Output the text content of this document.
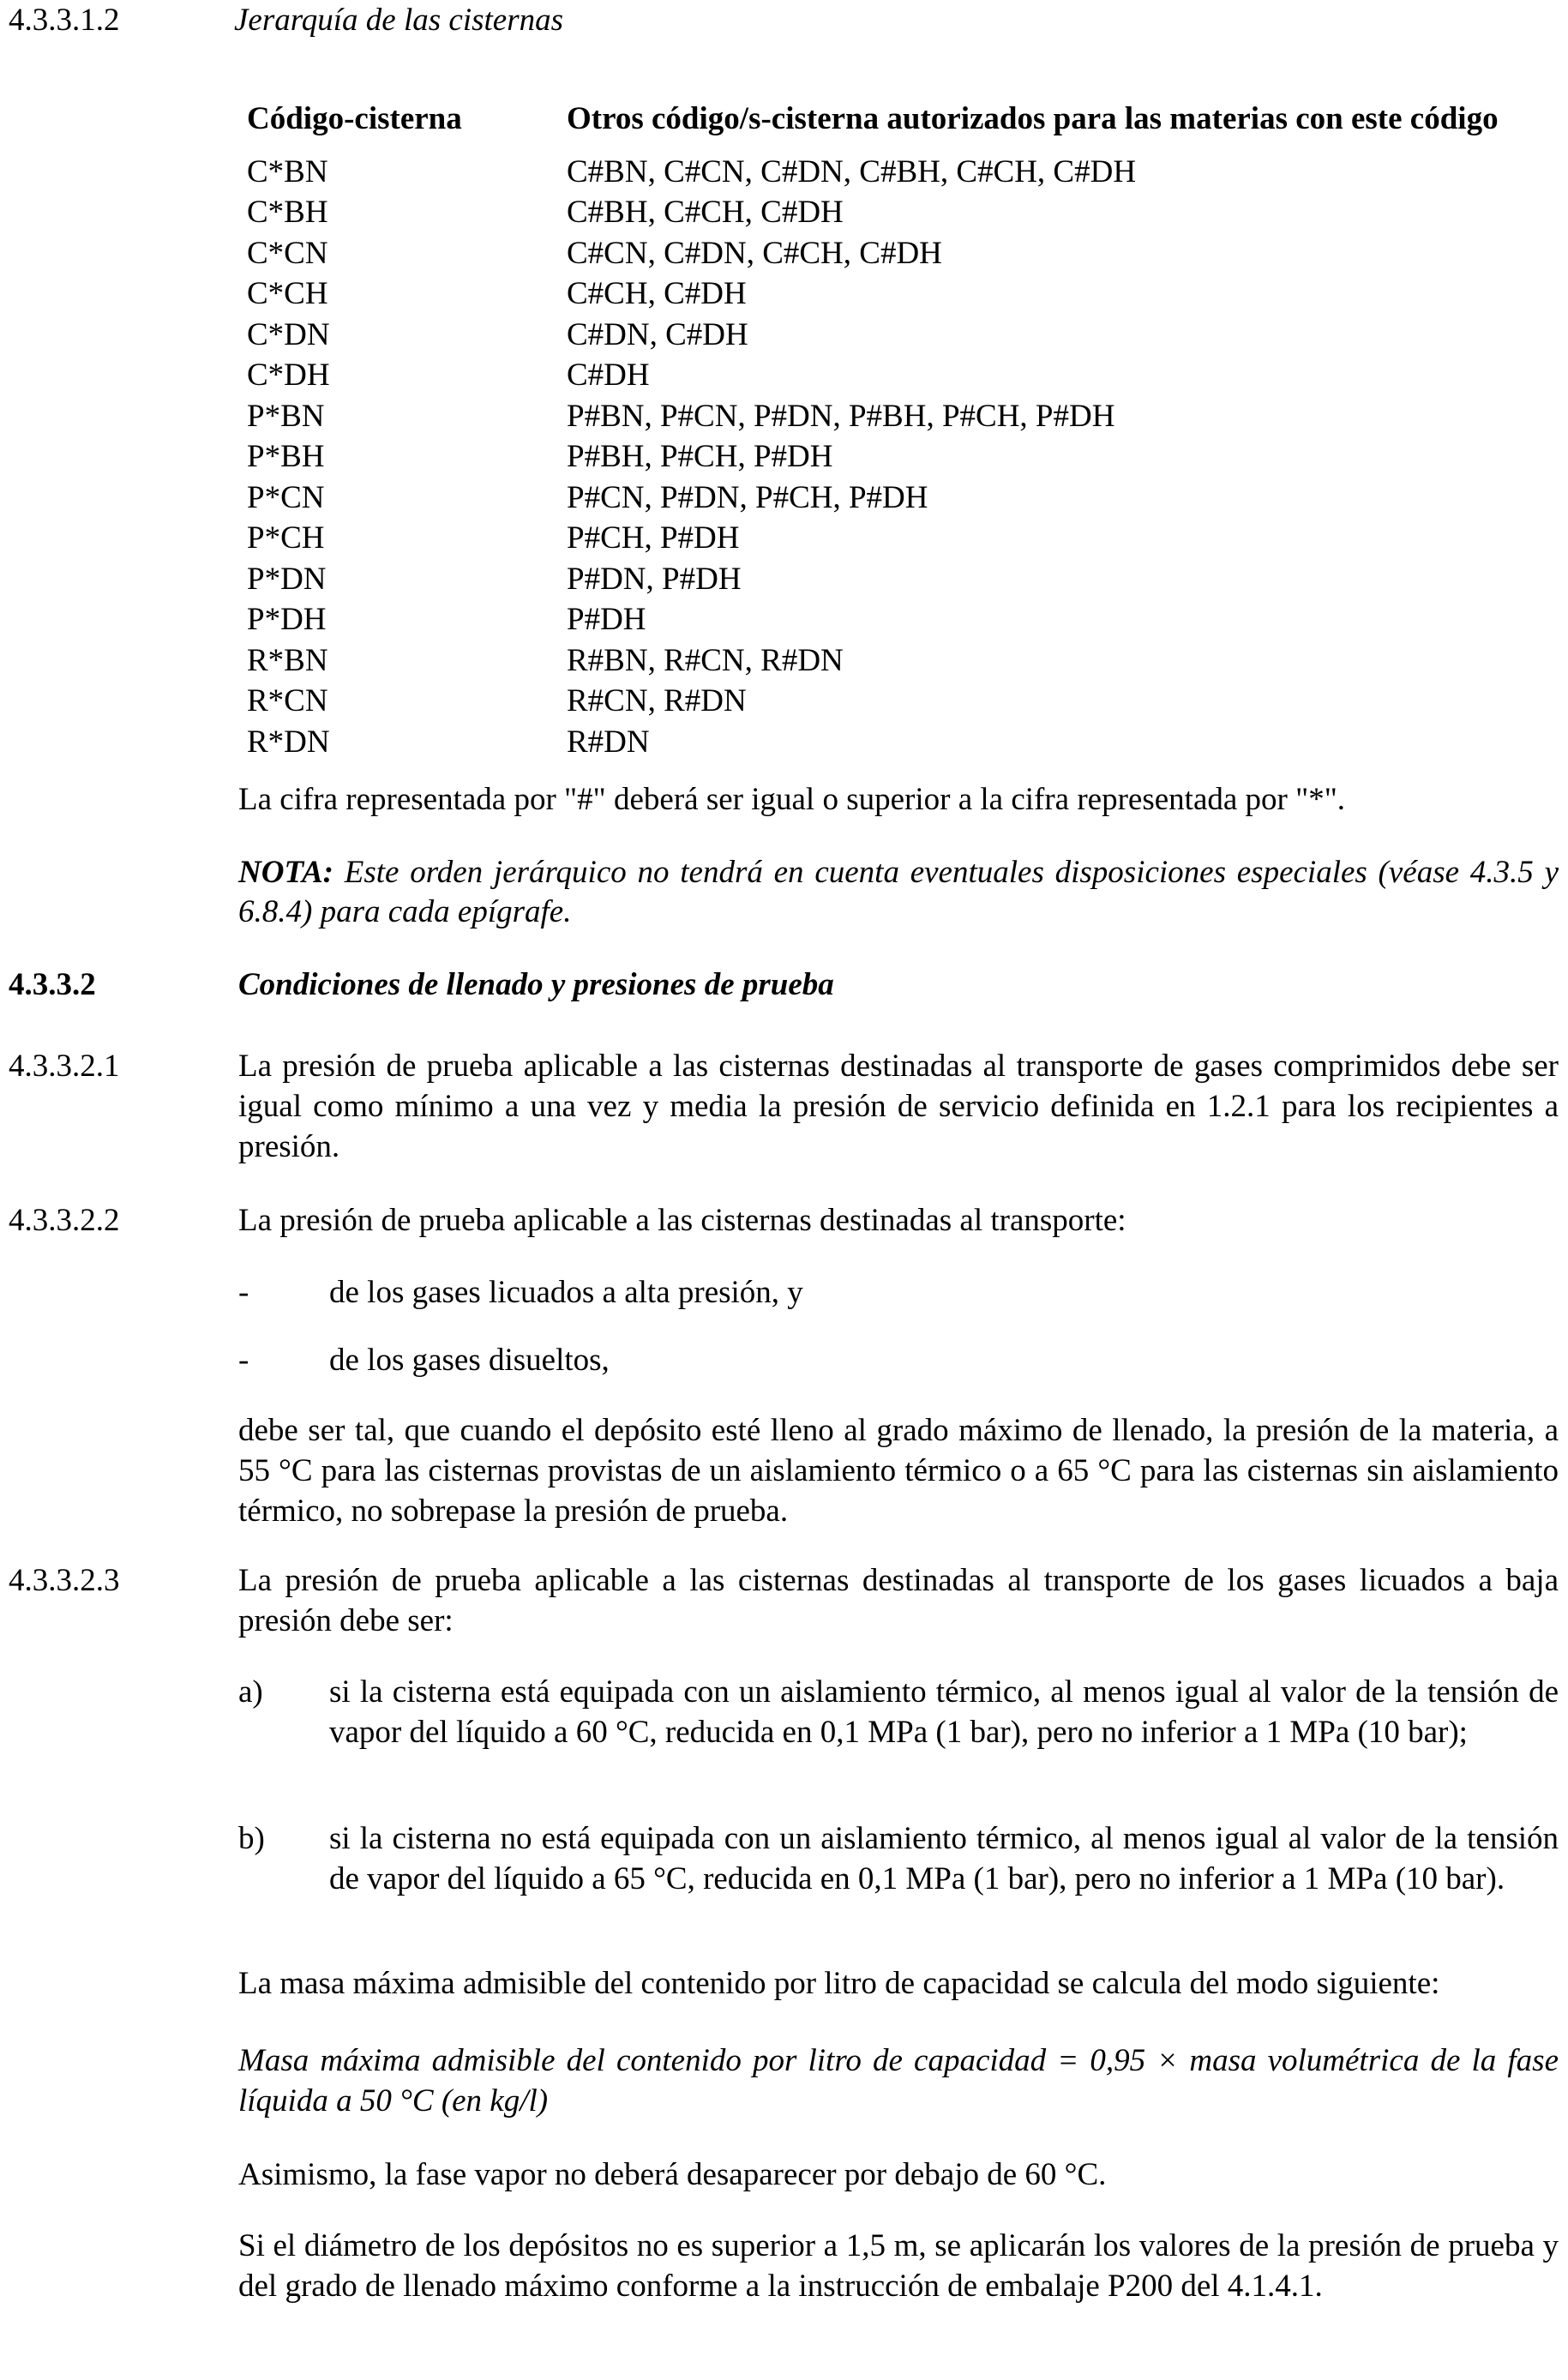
4.3.3.1.2	Jerarquía de las cisternas
Código-cisterna	Otros código/s-cisterna autorizados para las materias con este código
C*BN	C#BN, C#CN, C#DN, C#BH, C#CH, C#DH
C*BH	C#BH, C#CH, C#DH
C*CN	C#CN, C#DN, C#CH, C#DH
C*CH	C#CH, C#DH
C*DN	C#DN, C#DH
C*DH	C#DH
P*BN	P#BN, P#CN, P#DN, P#BH, P#CH, P#DH
P*BH	P#BH, P#CH, P#DH
P*CN	P#CN, P#DN, P#CH, P#DH
P*CH	P#CH, P#DH
P*DN	P#DN, P#DH
P*DH	P#DH
R*BN	R#BN, R#CN, R#DN
R*CN	R#CN, R#DN
R*DN	R#DN
La cifra representada por "#" deberá ser igual o superior a la cifra representada por "*".
NOTA: Este orden jerárquico no tendrá en cuenta eventuales disposiciones especiales (véase 4.3.5 y 6.8.4) para cada epígrafe.
4.3.3.2	Condiciones de llenado y presiones de prueba
4.3.3.2.1	La presión de prueba aplicable a las cisternas destinadas al transporte de gases comprimidos debe ser igual como mínimo a una vez y media la presión de servicio definida en 1.2.1 para los recipientes a presión.
4.3.3.2.2	La presión de prueba aplicable a las cisternas destinadas al transporte:
-	de los gases licuados a alta presión, y
-	de los gases disueltos,
debe ser tal, que cuando el depósito esté lleno al grado máximo de llenado, la presión de la materia, a 55 °C para las cisternas provistas de un aislamiento térmico o a 65 °C para las cisternas sin aislamiento térmico, no sobrepase la presión de prueba.
4.3.3.2.3	La presión de prueba aplicable a las cisternas destinadas al transporte de los gases licuados a baja presión debe ser:
a) si la cisterna está equipada con un aislamiento térmico, al menos igual al valor de la tensión de vapor del líquido a 60 °C, reducida en 0,1 MPa (1 bar), pero no inferior a 1 MPa (10 bar);
b) si la cisterna no está equipada con un aislamiento térmico, al menos igual al valor de la tensión de vapor del líquido a 65 °C, reducida en 0,1 MPa (1 bar), pero no inferior a 1 MPa (10 bar).
La masa máxima admisible del contenido por litro de capacidad se calcula del modo siguiente:
Masa máxima admisible del contenido por litro de capacidad = 0,95 × masa volumétrica de la fase líquida a 50 °C (en kg/l)
Asimismo, la fase vapor no deberá desaparecer por debajo de 60 °C.
Si el diámetro de los depósitos no es superior a 1,5 m, se aplicarán los valores de la presión de prueba y del grado de llenado máximo conforme a la instrucción de embalaje P200 del 4.1.4.1.
